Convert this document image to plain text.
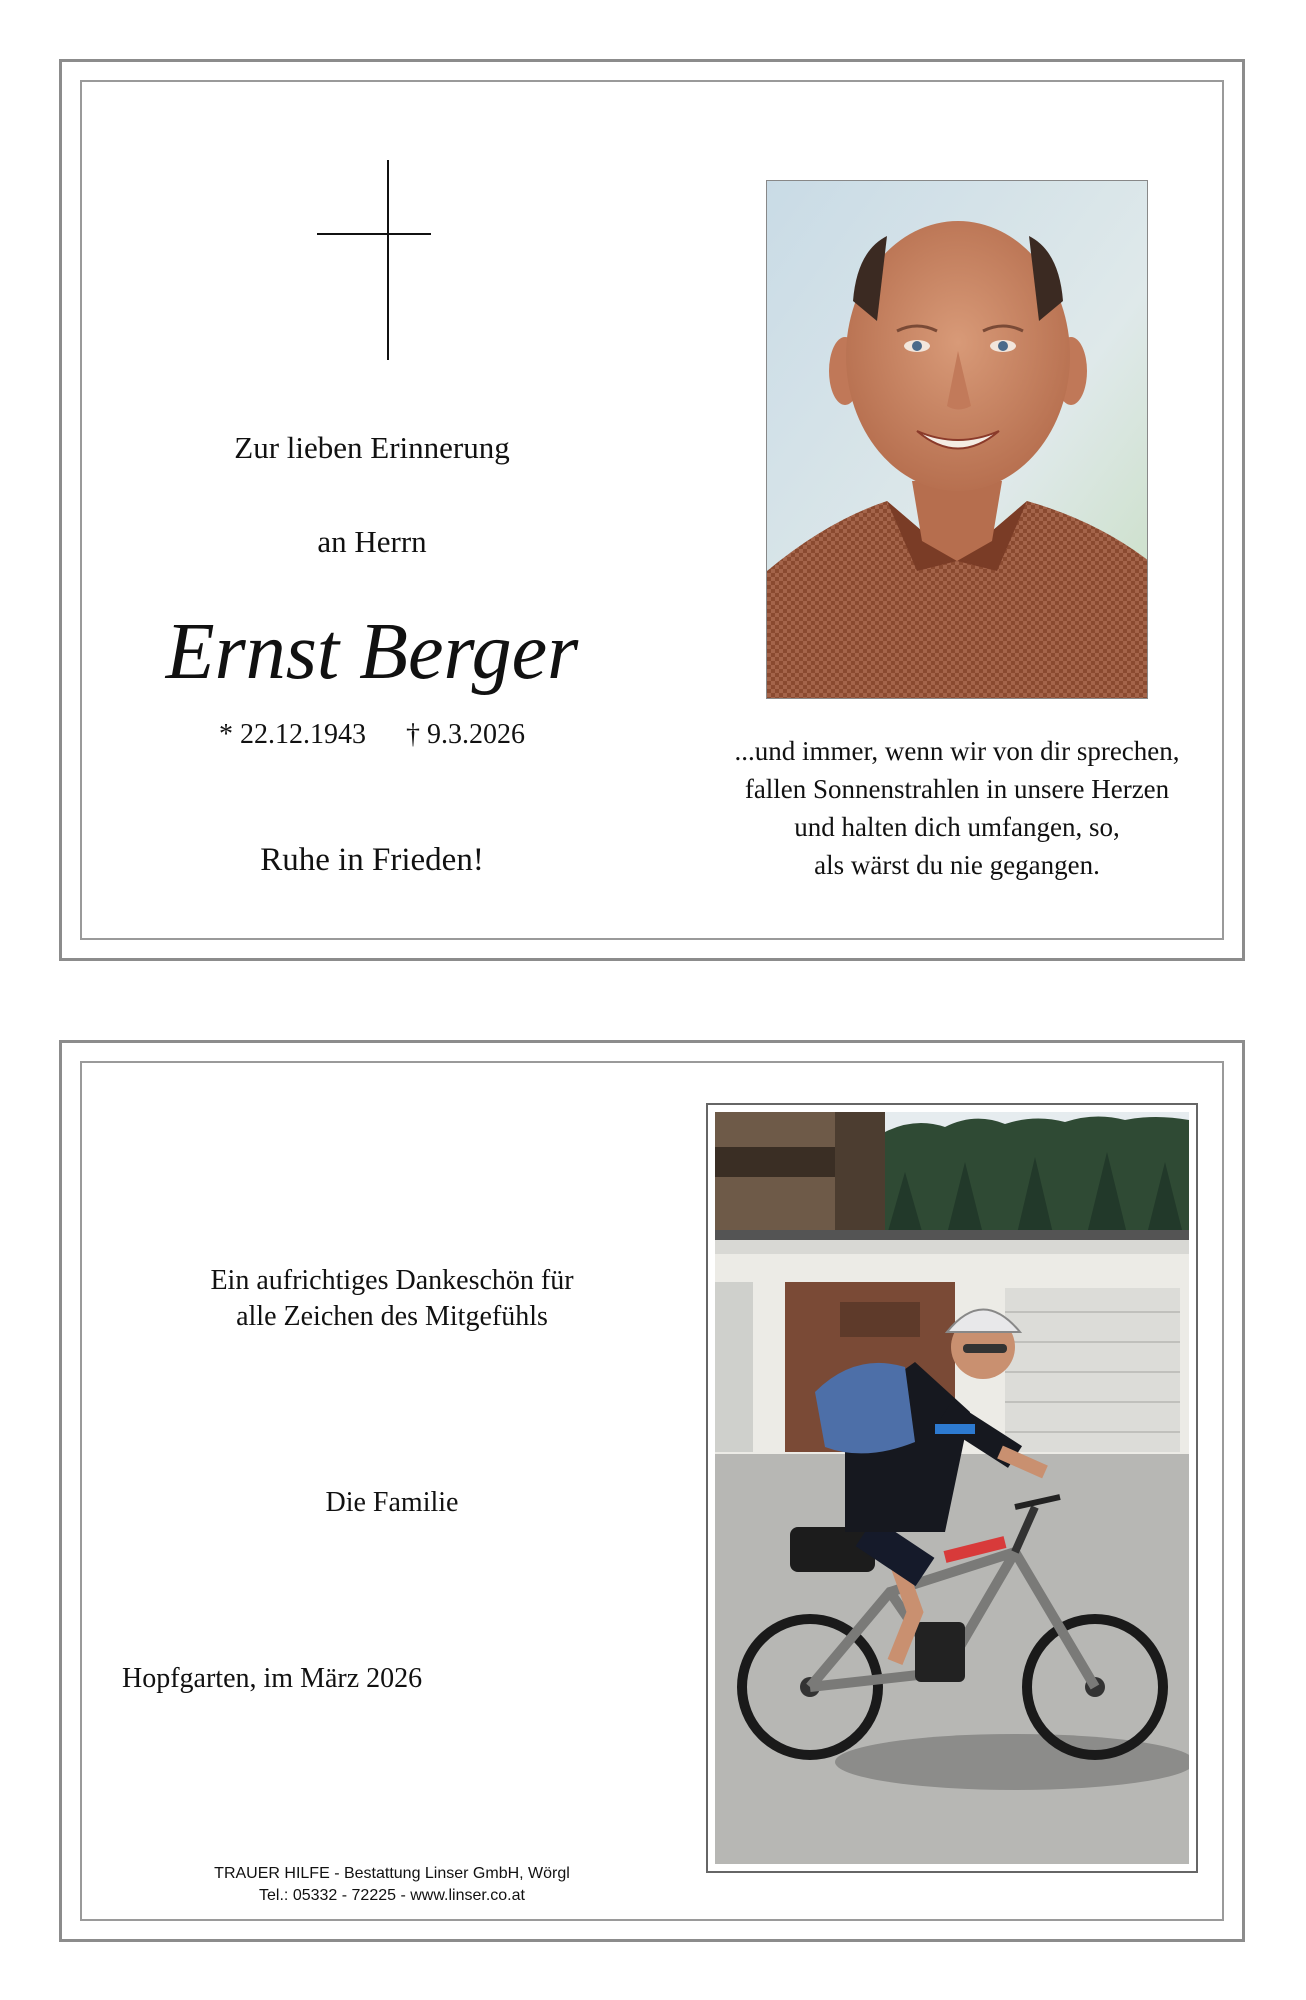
Zur lieben Erinnerung
an Herrn
Ernst Berger
* 22.12.1943 † 9.3.2026
Ruhe in Frieden!
...und immer, wenn wir von dir sprechen,
fallen Sonnenstrahlen in unsere Herzen
und halten dich umfangen, so,
als wärst du nie gegangen.
Ein aufrichtiges Dankeschön für
alle Zeichen des Mitgefühls
Die Familie
Hopfgarten, im März 2026
TRAUER HILFE - Bestattung Linser GmbH, Wörgl
Tel.: 05332 - 72225 - www.linser.co.at
